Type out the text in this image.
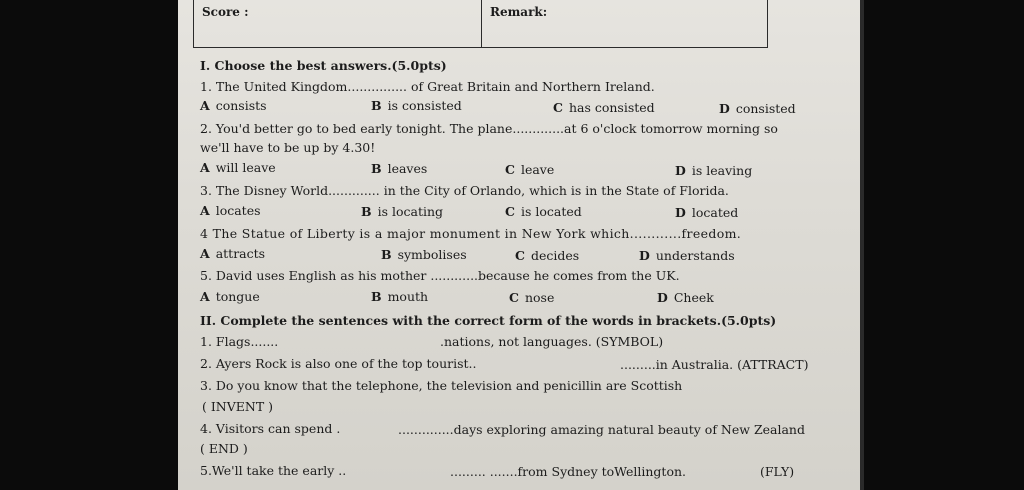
Score :	Remark:
I. Choose the best answers.(5.0pts)
1. The United Kingdom............... of Great Britain and Northern Ireland.
A consists	B is consisted	C has consisted	D consisted
2. You'd better go to bed early tonight. The plane.............at 6 o'clock tomorrow morning so
we'll have to be up by 4.30!
A will leave	B leaves	C leave	D is leaving
3. The Disney World............. in the City of Orlando, which is in the State of Florida.
A locates	B is locating	C is located	D located
4 The Statue of Liberty is a major monument in New York which............freedom.
A attracts	B symbolises	C decides	D understands
5. David uses English as his mother ............because he comes from the UK.
A tongue	B mouth	C nose	D Cheek
II. Complete the sentences with the correct form of the words in brackets.(5.0pts)
1. Flags.......	.nations, not languages. (SYMBOL)
2. Ayers Rock is also one of the top tourist..	.........in Australia. (ATTRACT)
3. Do you know that the telephone, the television and penicillin are Scottish
( INVENT )
4. Visitors can spend .	..............days exploring amazing natural beauty of New Zealand
( END )
5.We'll take the early ..	......... .......from Sydney toWellington.	(FLY)
